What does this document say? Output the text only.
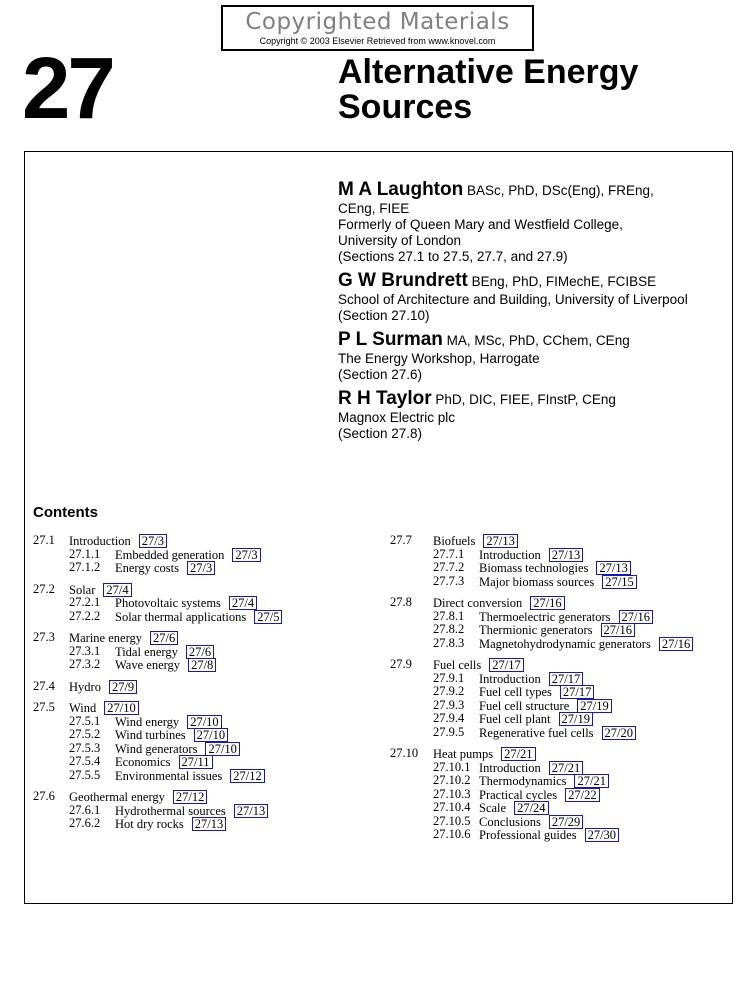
Copyrighted Materials
Copyright © 2003 Elsevier Retrieved from www.knovel.com
27	Alternative Energy
Sources
M A Laughton BASc, PhD, DSc(Eng), FREng,
CEng, FIEE
Formerly of Queen Mary and Westfield College,
University of London
(Sections 27.1 to 27.5, 27.7, and 27.9)
G W Brundrett BEng, PhD, FIMechE, FCIBSE
School of Architecture and Building, University of Liverpool
(Section 27.10)
P L Surman MA, MSc, PhD, CChem, CEng
The Energy Workshop, Harrogate
(Section 27.6)
R H Taylor PhD, DIC, FIEE, FInstP, CEng
Magnox Electric plc
(Section 27.8)
Contents
27.1 Introduction 27/3
27.1.1 Embedded generation 27/3
27.1.2 Energy costs 27/3
27.2 Solar 27/4
27.2.1 Photovoltaic systems 27/4
27.2.2 Solar thermal applications 27/5
27.3 Marine energy 27/6
27.3.1 Tidal energy 27/6
27.3.2 Wave energy 27/8
27.4 Hydro 27/9
27.5 Wind 27/10
27.5.1 Wind energy 27/10
27.5.2 Wind turbines 27/10
27.5.3 Wind generators 27/10
27.5.4 Economics 27/11
27.5.5 Environmental issues 27/12
27.6 Geothermal energy 27/12
27.6.1 Hydrothermal sources 27/13
27.6.2 Hot dry rocks 27/13
27.7 Biofuels 27/13
27.7.1 Introduction 27/13
27.7.2 Biomass technologies 27/13
27.7.3 Major biomass sources 27/15
27.8 Direct conversion 27/16
27.8.1 Thermoelectric generators 27/16
27.8.2 Thermionic generators 27/16
27.8.3 Magnetohydrodynamic generators 27/16
27.9 Fuel cells 27/17
27.9.1 Introduction 27/17
27.9.2 Fuel cell types 27/17
27.9.3 Fuel cell structure 27/19
27.9.4 Fuel cell plant 27/19
27.9.5 Regenerative fuel cells 27/20
27.10 Heat pumps 27/21
27.10.1 Introduction 27/21
27.10.2 Thermodynamics 27/21
27.10.3 Practical cycles 27/22
27.10.4 Scale 27/24
27.10.5 Conclusions 27/29
27.10.6 Professional guides 27/30
